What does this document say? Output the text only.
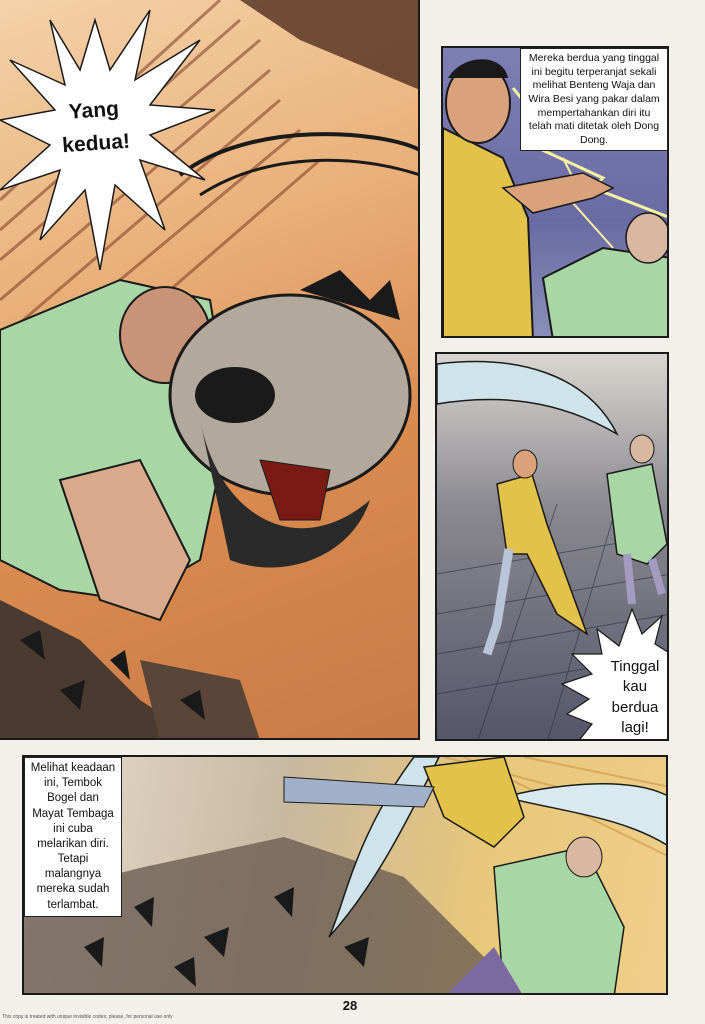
Yang
kedua!
Mereka berdua yang tinggal ini begitu terperanjat sekali melihat Benteng Waja dan Wira Besi yang pakar dalam mempertahankan diri itu telah mati ditetak oleh Dong Dong.
Tinggal
kau
berdua
lagi!
Melihat keadaan ini, Tembok Bogel dan Mayat Tembaga ini cuba melarikan diri. Tetapi malangnya mereka sudah terlambat.
28
This copy is treated with unique invisible codes; please, for personal use only
